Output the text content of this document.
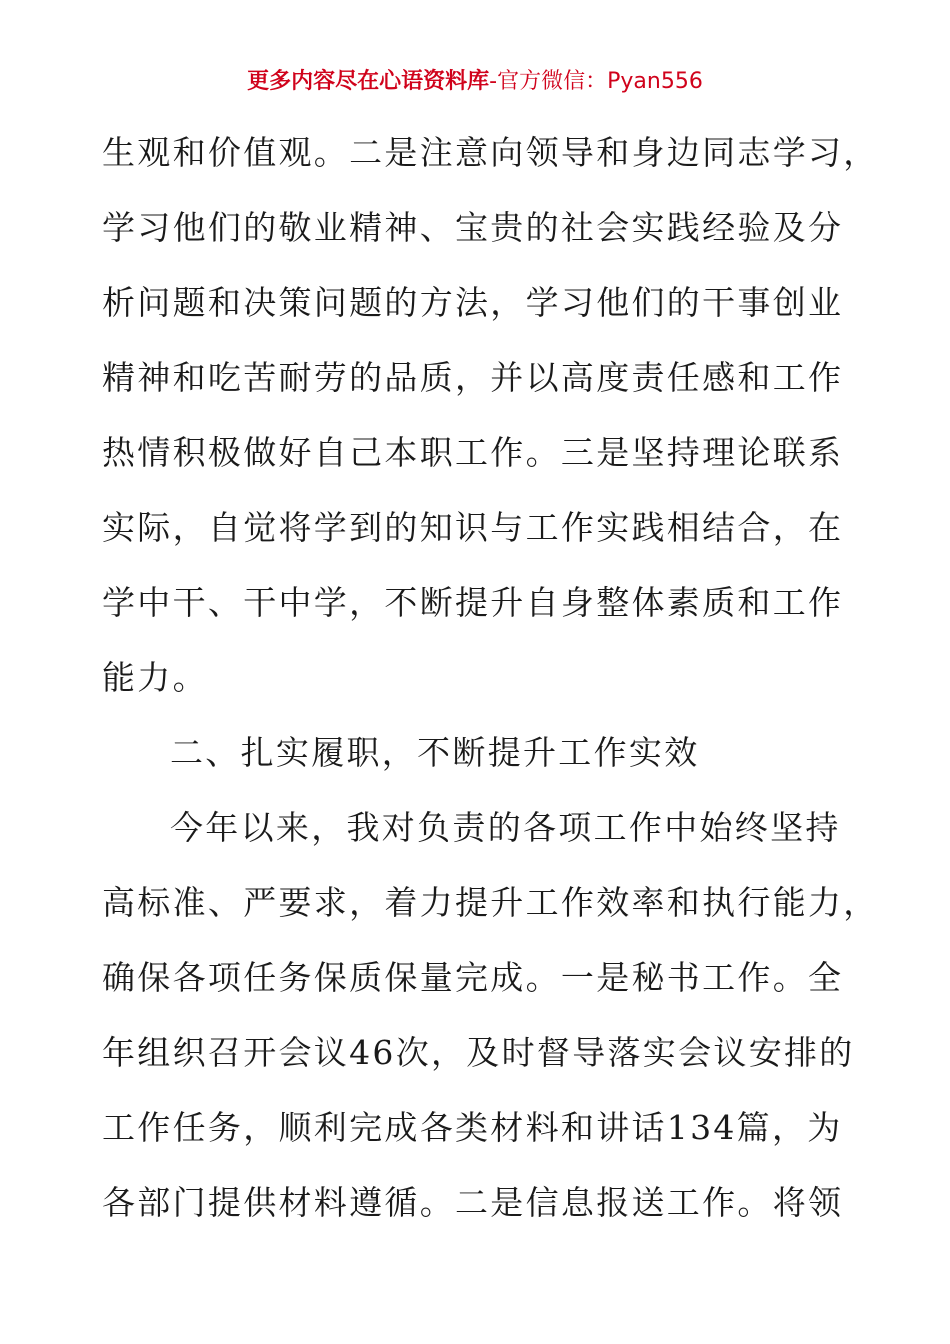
更多内容尽在心语资料库-官方微信：Pyan556
生观和价值观。二是注意向领导和身边同志学习，
学习他们的敬业精神、宝贵的社会实践经验及分
析问题和决策问题的方法，学习他们的干事创业
精神和吃苦耐劳的品质，并以高度责任感和工作
热情积极做好自己本职工作。三是坚持理论联系
实际，自觉将学到的知识与工作实践相结合，在
学中干、干中学，不断提升自身整体素质和工作
能力。
二、扎实履职，不断提升工作实效
今年以来，我对负责的各项工作中始终坚持
高标准、严要求，着力提升工作效率和执行能力，
确保各项任务保质保量完成。一是秘书工作。全
年组织召开会议46次，及时督导落实会议安排的
工作任务，顺利完成各类材料和讲话134篇，为
各部门提供材料遵循。二是信息报送工作。将领
